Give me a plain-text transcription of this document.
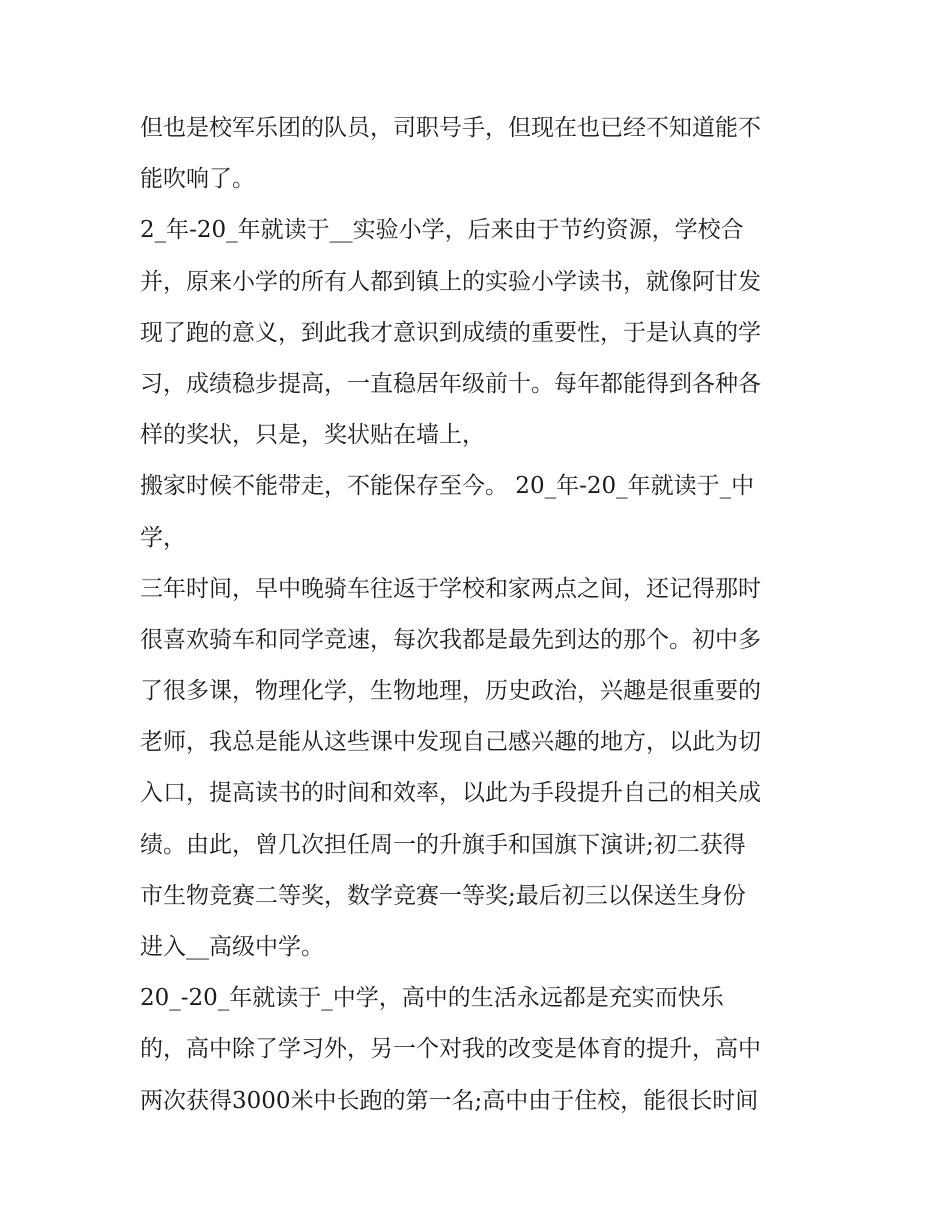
但也是校军乐团的队员，司职号手，但现在也已经不知道能不
能吹响了。
2_年-20_年就读于__实验小学，后来由于节约资源，学校合
并，原来小学的所有人都到镇上的实验小学读书，就像阿甘发
现了跑的意义，到此我才意识到成绩的重要性，于是认真的学
习，成绩稳步提高，一直稳居年级前十。每年都能得到各种各
样的奖状，只是，奖状贴在墙上，
搬家时候不能带走，不能保存至今。 20_年-20_年就读于_中
学，
三年时间，早中晚骑车往返于学校和家两点之间，还记得那时
很喜欢骑车和同学竞速，每次我都是最先到达的那个。初中多
了很多课，物理化学，生物地理，历史政治，兴趣是很重要的
老师，我总是能从这些课中发现自己感兴趣的地方，以此为切
入口，提高读书的时间和效率，以此为手段提升自己的相关成
绩。由此，曾几次担任周一的升旗手和国旗下演讲;初二获得
市生物竞赛二等奖，数学竞赛一等奖;最后初三以保送生身份
进入__高级中学。
20_-20_年就读于_中学，高中的生活永远都是充实而快乐
的，高中除了学习外，另一个对我的改变是体育的提升，高中
两次获得3000米中长跑的第一名;高中由于住校，能很长时间
